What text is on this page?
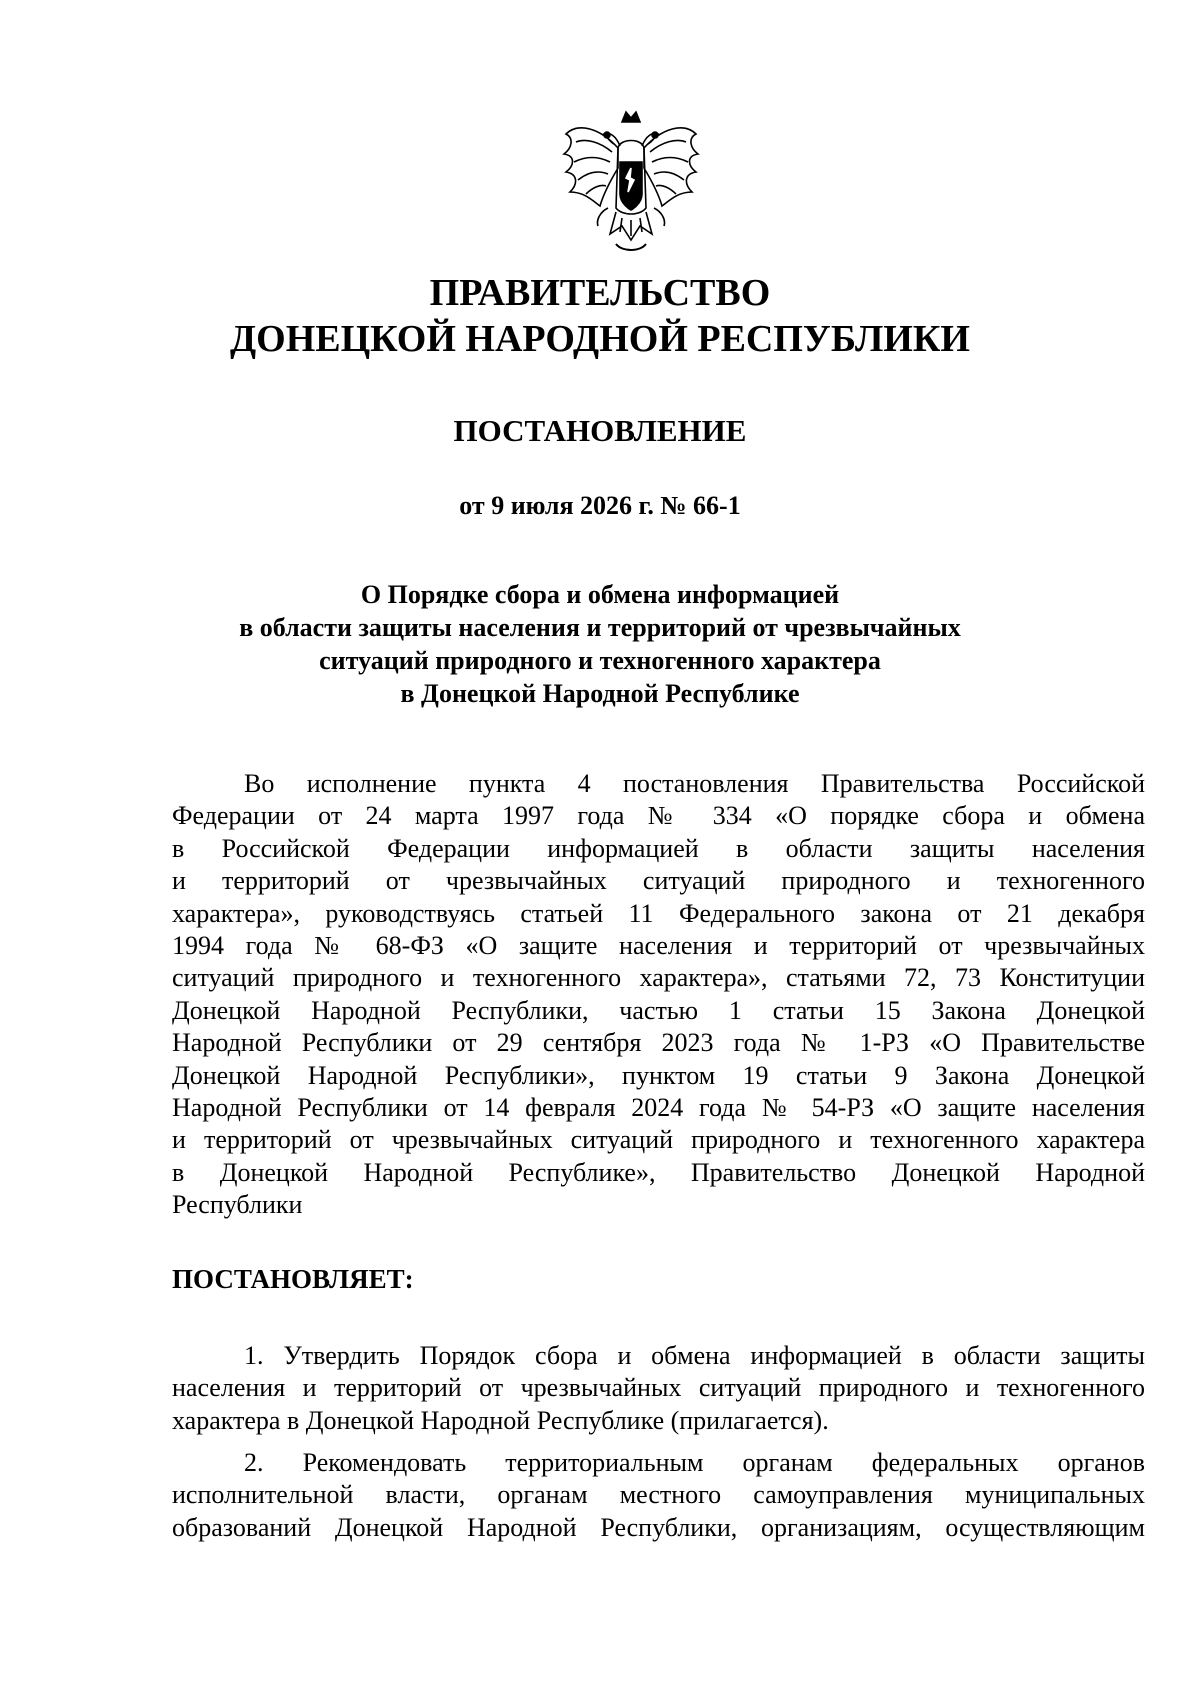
ПРАВИТЕЛЬСТВО
ДОНЕЦКОЙ НАРОДНОЙ РЕСПУБЛИКИ
ПОСТАНОВЛЕНИЕ
от 9 июля 2026 г. № 66-1
О Порядке сбора и обмена информацией
в области защиты населения и территорий от чрезвычайных
ситуаций природного и техногенного характера
в Донецкой Народной Республике
Во исполнение пункта 4 постановления Правительства Российской
Федерации от 24 марта 1997 года № 334 «О порядке сбора и обмена
в Российской Федерации информацией в области защиты населения
и территорий от чрезвычайных ситуаций природного и техногенного
характера», руководствуясь статьей 11 Федерального закона от 21 декабря
1994 года № 68-ФЗ «О защите населения и территорий от чрезвычайных
ситуаций природного и техногенного характера», статьями 72, 73 Конституции
Донецкой Народной Республики, частью 1 статьи 15 Закона Донецкой
Народной Республики от 29 сентября 2023 года № 1-РЗ «О Правительстве
Донецкой Народной Республики», пунктом 19 статьи 9 Закона Донецкой
Народной Республики от 14 февраля 2024 года № 54-РЗ «О защите населения
и территорий от чрезвычайных ситуаций природного и техногенного характера
в Донецкой Народной Республике», Правительство Донецкой Народной
Республики
ПОСТАНОВЛЯЕТ:
1. Утвердить Порядок сбора и обмена информацией в области защиты
населения и территорий от чрезвычайных ситуаций природного и техногенного
характера в Донецкой Народной Республике (прилагается).
2. Рекомендовать территориальным органам федеральных органов
исполнительной власти, органам местного самоуправления муниципальных
образований Донецкой Народной Республики, организациям, осуществляющим
